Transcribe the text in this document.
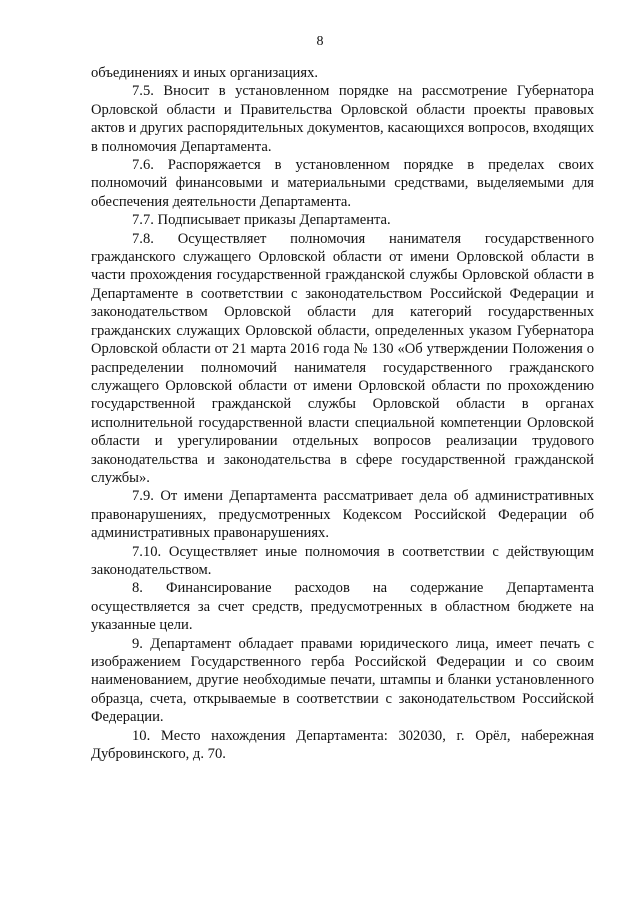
8

объединениях и иных организациях.

7.5. Вносит в установленном порядке на рассмотрение Губернатора Орловской области и Правительства Орловской области проекты правовых актов и других распорядительных документов, касающихся вопросов, входящих в полномочия Департамента.

7.6. Распоряжается в установленном порядке в пределах своих полномочий финансовыми и материальными средствами, выделяемыми для обеспечения деятельности Департамента.

7.7. Подписывает приказы Департамента.

7.8. Осуществляет полномочия нанимателя государственного гражданского служащего Орловской области от имени Орловской области в части прохождения государственной гражданской службы Орловской области в Департаменте в соответствии с законодательством Российской Федерации и законодательством Орловской области для категорий государственных гражданских служащих Орловской области, определенных указом Губернатора Орловской области от 21 марта 2016 года № 130 «Об утверждении Положения о распределении полномочий нанимателя государственного гражданского служащего Орловской области от имени Орловской области по прохождению государственной гражданской службы Орловской области в органах исполнительной государственной власти специальной компетенции Орловской области и урегулировании отдельных вопросов реализации трудового законодательства и законодательства в сфере государственной гражданской службы».

7.9. От имени Департамента рассматривает дела об административных правонарушениях, предусмотренных Кодексом Российской Федерации об административных правонарушениях.

7.10. Осуществляет иные полномочия в соответствии с действующим законодательством.

8. Финансирование расходов на содержание Департамента осуществляется за счет средств, предусмотренных в областном бюджете на указанные цели.

9. Департамент обладает правами юридического лица, имеет печать с изображением Государственного герба Российской Федерации и со своим наименованием, другие необходимые печати, штампы и бланки установленного образца, счета, открываемые в соответствии с законодательством Российской Федерации.

10. Место нахождения Департамента: 302030, г. Орёл, набережная Дубровинского, д. 70.
